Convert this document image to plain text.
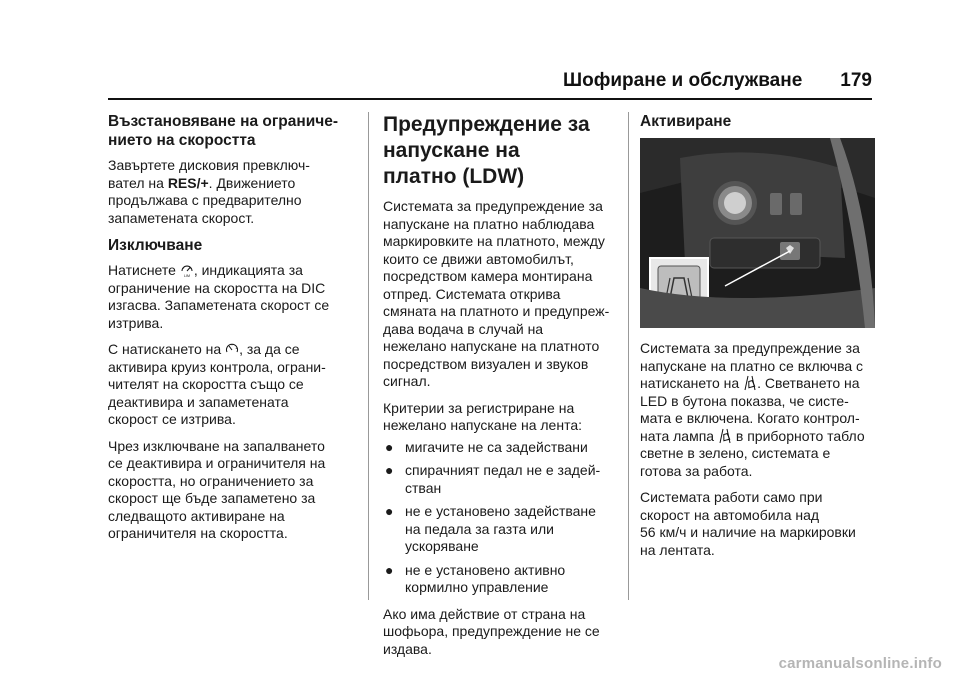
Шофиране и обслужване 179
Възстановяване на ограниче-
нието на скоростта

Завъртете дисковия превключ-
вател на RES/+. Движението
продължава с предварително
запаметената скорост.

Изключване

Натиснете LIM , индикацията за
ограничение на скоростта на DIC
изгасва. Запаметената скорост се
изтрива.

С натискането на
, за да се
активира круиз контрола, ограни-
чителят на скоростта също се
деактивира и запаметената
скорост се изтрива.

Чрез изключване на запалването
се деактивира и ограничителя на
скоростта, но ограничението за
скорост ще бъде запаметено за
следващото активиране на
ограничителя на скоростта.

Предупреждение за
напускане на
платно (LDW)

Системата за предупреждение за
напускане на платно наблюдава
маркировките на платното, между
които се движи автомобилът,
посредством камера монтирана
отпред. Системата открива
смяната на платното и предупреж-
дава водача в случай на
нежелано напускане на платното
посредством визуален и звуков
сигнал.

Критерии за регистриране на
нежелано напускане на лента:

● мигачите не са задействани
● спирачният педал не е задей-
стван
● не е установено задействане
на педала за газта или
ускоряване
● не е установено активно
кормилно управление

Ако има действие от страна на
шофьора, предупреждение не се
издава.

Активиране

Системата за предупреждение за
напускане на платно се включва с
натискането на
. Светването на
LED в бутона показва, че систе-
мата е включена. Когато контрол-
ната лампа
в приборното табло
светне в зелено, системата е
готова за работа.

Системата работи само при
скорост на автомобила над
56 км/ч и наличие на маркировки
на лентата.

carmanualsonline.info
